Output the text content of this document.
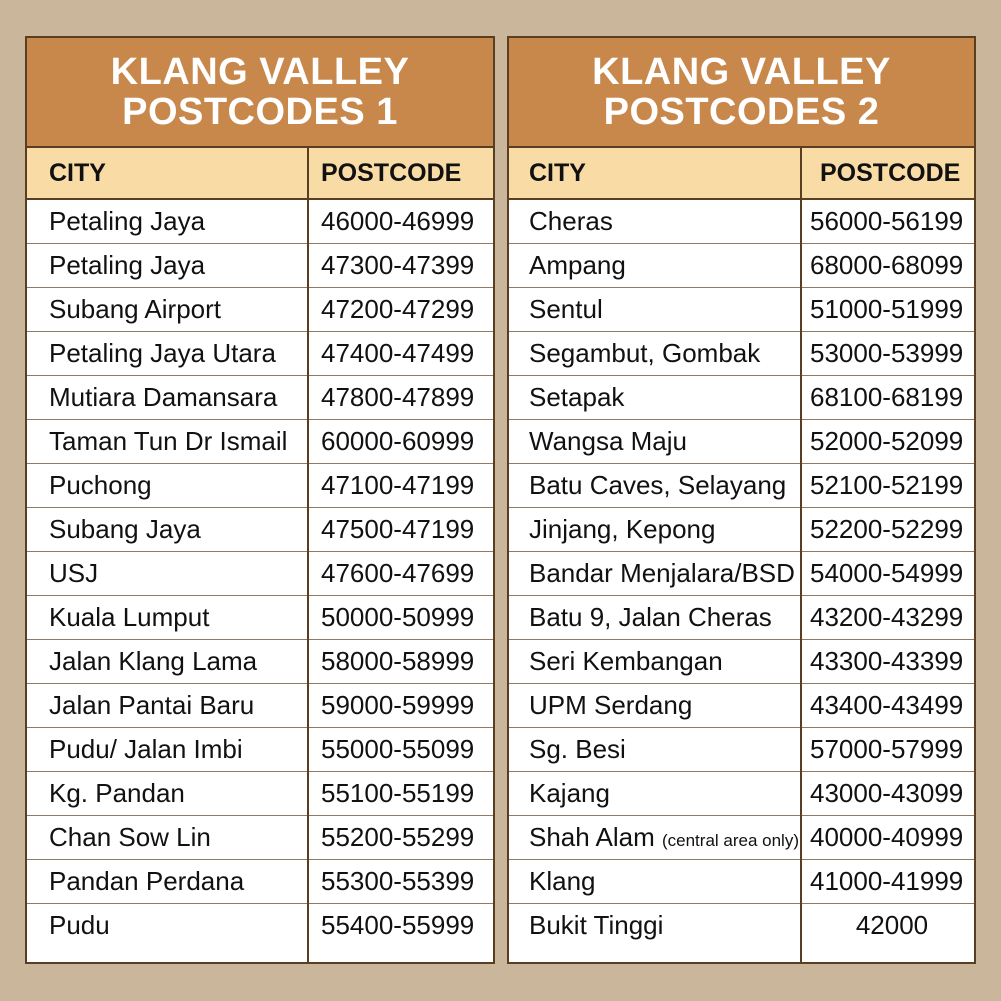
KLANG VALLEY
POSTCODES 1
CITY	POSTCODE
Petaling Jaya	46000-46999
Petaling Jaya	47300-47399
Subang Airport	47200-47299
Petaling Jaya Utara	47400-47499
Mutiara Damansara	47800-47899
Taman Tun Dr Ismail	60000-60999
Puchong	47100-47199
Subang Jaya	47500-47199
USJ	47600-47699
Kuala Lumput	50000-50999
Jalan Klang Lama	58000-58999
Jalan Pantai Baru	59000-59999
Pudu/ Jalan Imbi	55000-55099
Kg. Pandan	55100-55199
Chan Sow Lin	55200-55299
Pandan Perdana	55300-55399
Pudu	55400-55999

KLANG VALLEY
POSTCODES 2
CITY	POSTCODE
Cheras	56000-56199
Ampang	68000-68099
Sentul	51000-51999
Segambut, Gombak	53000-53999
Setapak	68100-68199
Wangsa Maju	52000-52099
Batu Caves, Selayang	52100-52199
Jinjang, Kepong	52200-52299
Bandar Menjalara/BSD	54000-54999
Batu 9, Jalan Cheras	43200-43299
Seri Kembangan	43300-43399
UPM Serdang	43400-43499
Sg. Besi	57000-57999
Kajang	43000-43099
Shah Alam (central area only)	40000-40999
Klang	41000-41999
Bukit Tinggi	42000
